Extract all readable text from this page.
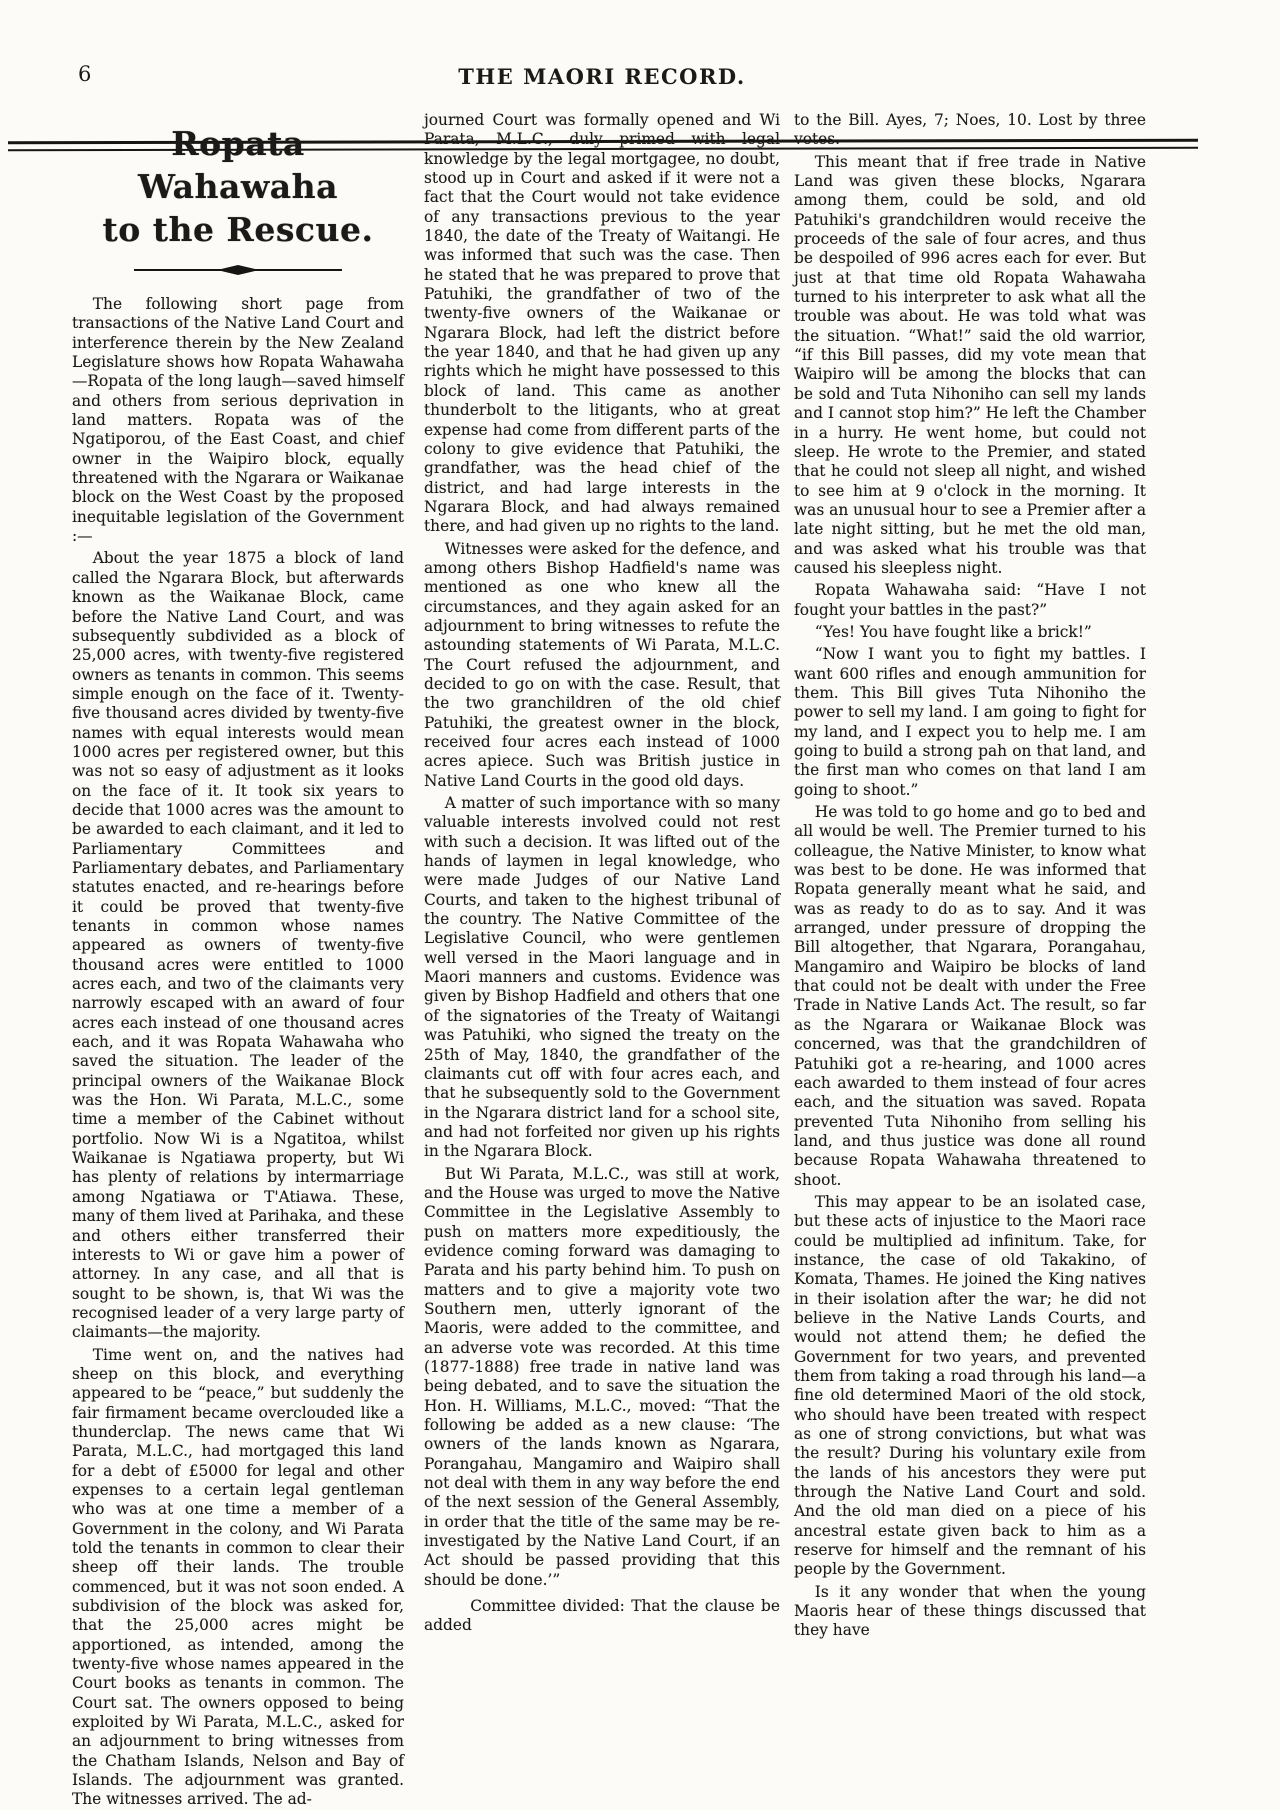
6	THE MAORI RECORD.
Ropata Wahawaha
to the Rescue.

The following short page from transactions of the Native Land Court and interference therein by the New Zealand Legislature shows how Ropata Wahawaha—Ropata of the long laugh—saved himself and others from serious deprivation in land matters. Ropata was of the Ngatiporou, of the East Coast, and chief owner in the Waipiro block, equally threatened with the Ngarara or Waikanae block on the West Coast by the proposed inequitable legislation of the Government :—

About the year 1875 a block of land called the Ngarara Block, but afterwards known as the Waikanae Block, came before the Native Land Court, and was subsequently subdivided as a block of 25,000 acres, with twenty-five registered owners as tenants in common. This seems simple enough on the face of it. Twenty-five thousand acres divided by twenty-five names with equal interests would mean 1000 acres per registered owner, but this was not so easy of adjustment as it looks on the face of it. It took six years to decide that 1000 acres was the amount to be awarded to each claimant, and it led to Parliamentary Committees and Parliamentary debates, and Parliamentary statutes enacted, and re-hearings before it could be proved that twenty-five tenants in common whose names appeared as owners of twenty-five thousand acres were entitled to 1000 acres each, and two of the claimants very narrowly escaped with an award of four acres each instead of one thousand acres each, and it was Ropata Wahawaha who saved the situation. The leader of the principal owners of the Waikanae Block was the Hon. Wi Parata, M.L.C., some time a member of the Cabinet without portfolio. Now Wi is a Ngatitoa, whilst Waikanae is Ngatiawa property, but Wi has plenty of relations by intermarriage among Ngatiawa or T'Atiawa. These, many of them lived at Parihaka, and these and others either transferred their interests to Wi or gave him a power of attorney. In any case, and all that is sought to be shown, is, that Wi was the recognised leader of a very large party of claimants—the majority.

Time went on, and the natives had sheep on this block, and everything appeared to be “peace,” but suddenly the fair firmament became overclouded like a thunderclap. The news came that Wi Parata, M.L.C., had mortgaged this land for a debt of £5000 for legal and other expenses to a certain legal gentleman who was at one time a member of a Government in the colony, and Wi Parata told the tenants in common to clear their sheep off their lands. The trouble commenced, but it was not soon ended. A subdivision of the block was asked for, that the 25,000 acres might be apportioned, as intended, among the twenty-five whose names appeared in the Court books as tenants in common. The Court sat. The owners opposed to being exploited by Wi Parata, M.L.C., asked for an adjournment to bring witnesses from the Chatham Islands, Nelson and Bay of Islands. The adjournment was granted. The witnesses arrived. The ad-

journed Court was formally opened and Wi Parata, M.L.C., duly primed with legal knowledge by the legal mortgagee, no doubt, stood up in Court and asked if it were not a fact that the Court would not take evidence of any transactions previous to the year 1840, the date of the Treaty of Waitangi. He was informed that such was the case. Then he stated that he was prepared to prove that Patuhiki, the grandfather of two of the twenty-five owners of the Waikanae or Ngarara Block, had left the district before the year 1840, and that he had given up any rights which he might have possessed to this block of land. This came as another thunderbolt to the litigants, who at great expense had come from different parts of the colony to give evidence that Patuhiki, the grandfather, was the head chief of the district, and had large interests in the Ngarara Block, and had always remained there, and had given up no rights to the land.

Witnesses were asked for the defence, and among others Bishop Hadfield's name was mentioned as one who knew all the circumstances, and they again asked for an adjournment to bring witnesses to refute the astounding statements of Wi Parata, M.L.C. The Court refused the adjournment, and decided to go on with the case. Result, that the two granchildren of the old chief Patuhiki, the greatest owner in the block, received four acres each instead of 1000 acres apiece. Such was British justice in Native Land Courts in the good old days.

A matter of such importance with so many valuable interests involved could not rest with such a decision. It was lifted out of the hands of laymen in legal knowledge, who were made Judges of our Native Land Courts, and taken to the highest tribunal of the country. The Native Committee of the Legislative Council, who were gentlemen well versed in the Maori language and in Maori manners and customs. Evidence was given by Bishop Hadfield and others that one of the signatories of the Treaty of Waitangi was Patuhiki, who signed the treaty on the 25th of May, 1840, the grandfather of the claimants cut off with four acres each, and that he subsequently sold to the Government in the Ngarara district land for a school site, and had not forfeited nor given up his rights in the Ngarara Block.

But Wi Parata, M.L.C., was still at work, and the House was urged to move the Native Committee in the Legislative Assembly to push on matters more expeditiously, the evidence coming forward was damaging to Parata and his party behind him. To push on matters and to give a majority vote two Southern men, utterly ignorant of the Maoris, were added to the committee, and an adverse vote was recorded. At this time (1877-1888) free trade in native land was being debated, and to save the situation the Hon. H. Williams, M.L.C., moved: “That the following be added as a new clause: ‘The owners of the lands known as Ngarara, Porangahau, Mangamiro and Waipiro shall not deal with them in any way before the end of the next session of the General Assembly, in order that the title of the same may be re-investigated by the Native Land Court, if an Act should be passed providing that this should be done.’”

Committee divided: That the clause be added

to the Bill. Ayes, 7; Noes, 10. Lost by three votes.

This meant that if free trade in Native Land was given these blocks, Ngarara among them, could be sold, and old Patuhiki's grandchildren would receive the proceeds of the sale of four acres, and thus be despoiled of 996 acres each for ever. But just at that time old Ropata Wahawaha turned to his interpreter to ask what all the trouble was about. He was told what was the situation. “What!” said the old warrior, “if this Bill passes, did my vote mean that Waipiro will be among the blocks that can be sold and Tuta Nihoniho can sell my lands and I cannot stop him?” He left the Chamber in a hurry. He went home, but could not sleep. He wrote to the Premier, and stated that he could not sleep all night, and wished to see him at 9 o'clock in the morning. It was an unusual hour to see a Premier after a late night sitting, but he met the old man, and was asked what his trouble was that caused his sleepless night.

Ropata Wahawaha said: “Have I not fought your battles in the past?”

“Yes! You have fought like a brick!”

“Now I want you to fight my battles. I want 600 rifles and enough ammunition for them. This Bill gives Tuta Nihoniho the power to sell my land. I am going to fight for my land, and I expect you to help me. I am going to build a strong pah on that land, and the first man who comes on that land I am going to shoot.”

He was told to go home and go to bed and all would be well. The Premier turned to his colleague, the Native Minister, to know what was best to be done. He was informed that Ropata generally meant what he said, and was as ready to do as to say. And it was arranged, under pressure of dropping the Bill altogether, that Ngarara, Porangahau, Mangamiro and Waipiro be blocks of land that could not be dealt with under the Free Trade in Native Lands Act. The result, so far as the Ngarara or Waikanae Block was concerned, was that the grandchildren of Patuhiki got a re-hearing, and 1000 acres each awarded to them instead of four acres each, and the situation was saved. Ropata prevented Tuta Nihoniho from selling his land, and thus justice was done all round because Ropata Wahawaha threatened to shoot.

This may appear to be an isolated case, but these acts of injustice to the Maori race could be multiplied ad infinitum. Take, for instance, the case of old Takakino, of Komata, Thames. He joined the King natives in their isolation after the war; he did not believe in the Native Lands Courts, and would not attend them; he defied the Government for two years, and prevented them from taking a road through his land—a fine old determined Maori of the old stock, who should have been treated with respect as one of strong convictions, but what was the result? During his voluntary exile from the lands of his ancestors they were put through the Native Land Court and sold. And the old man died on a piece of his ancestral estate given back to him as a reserve for himself and the remnant of his people by the Government.

Is it any wonder that when the young Maoris hear of these things discussed that they have
